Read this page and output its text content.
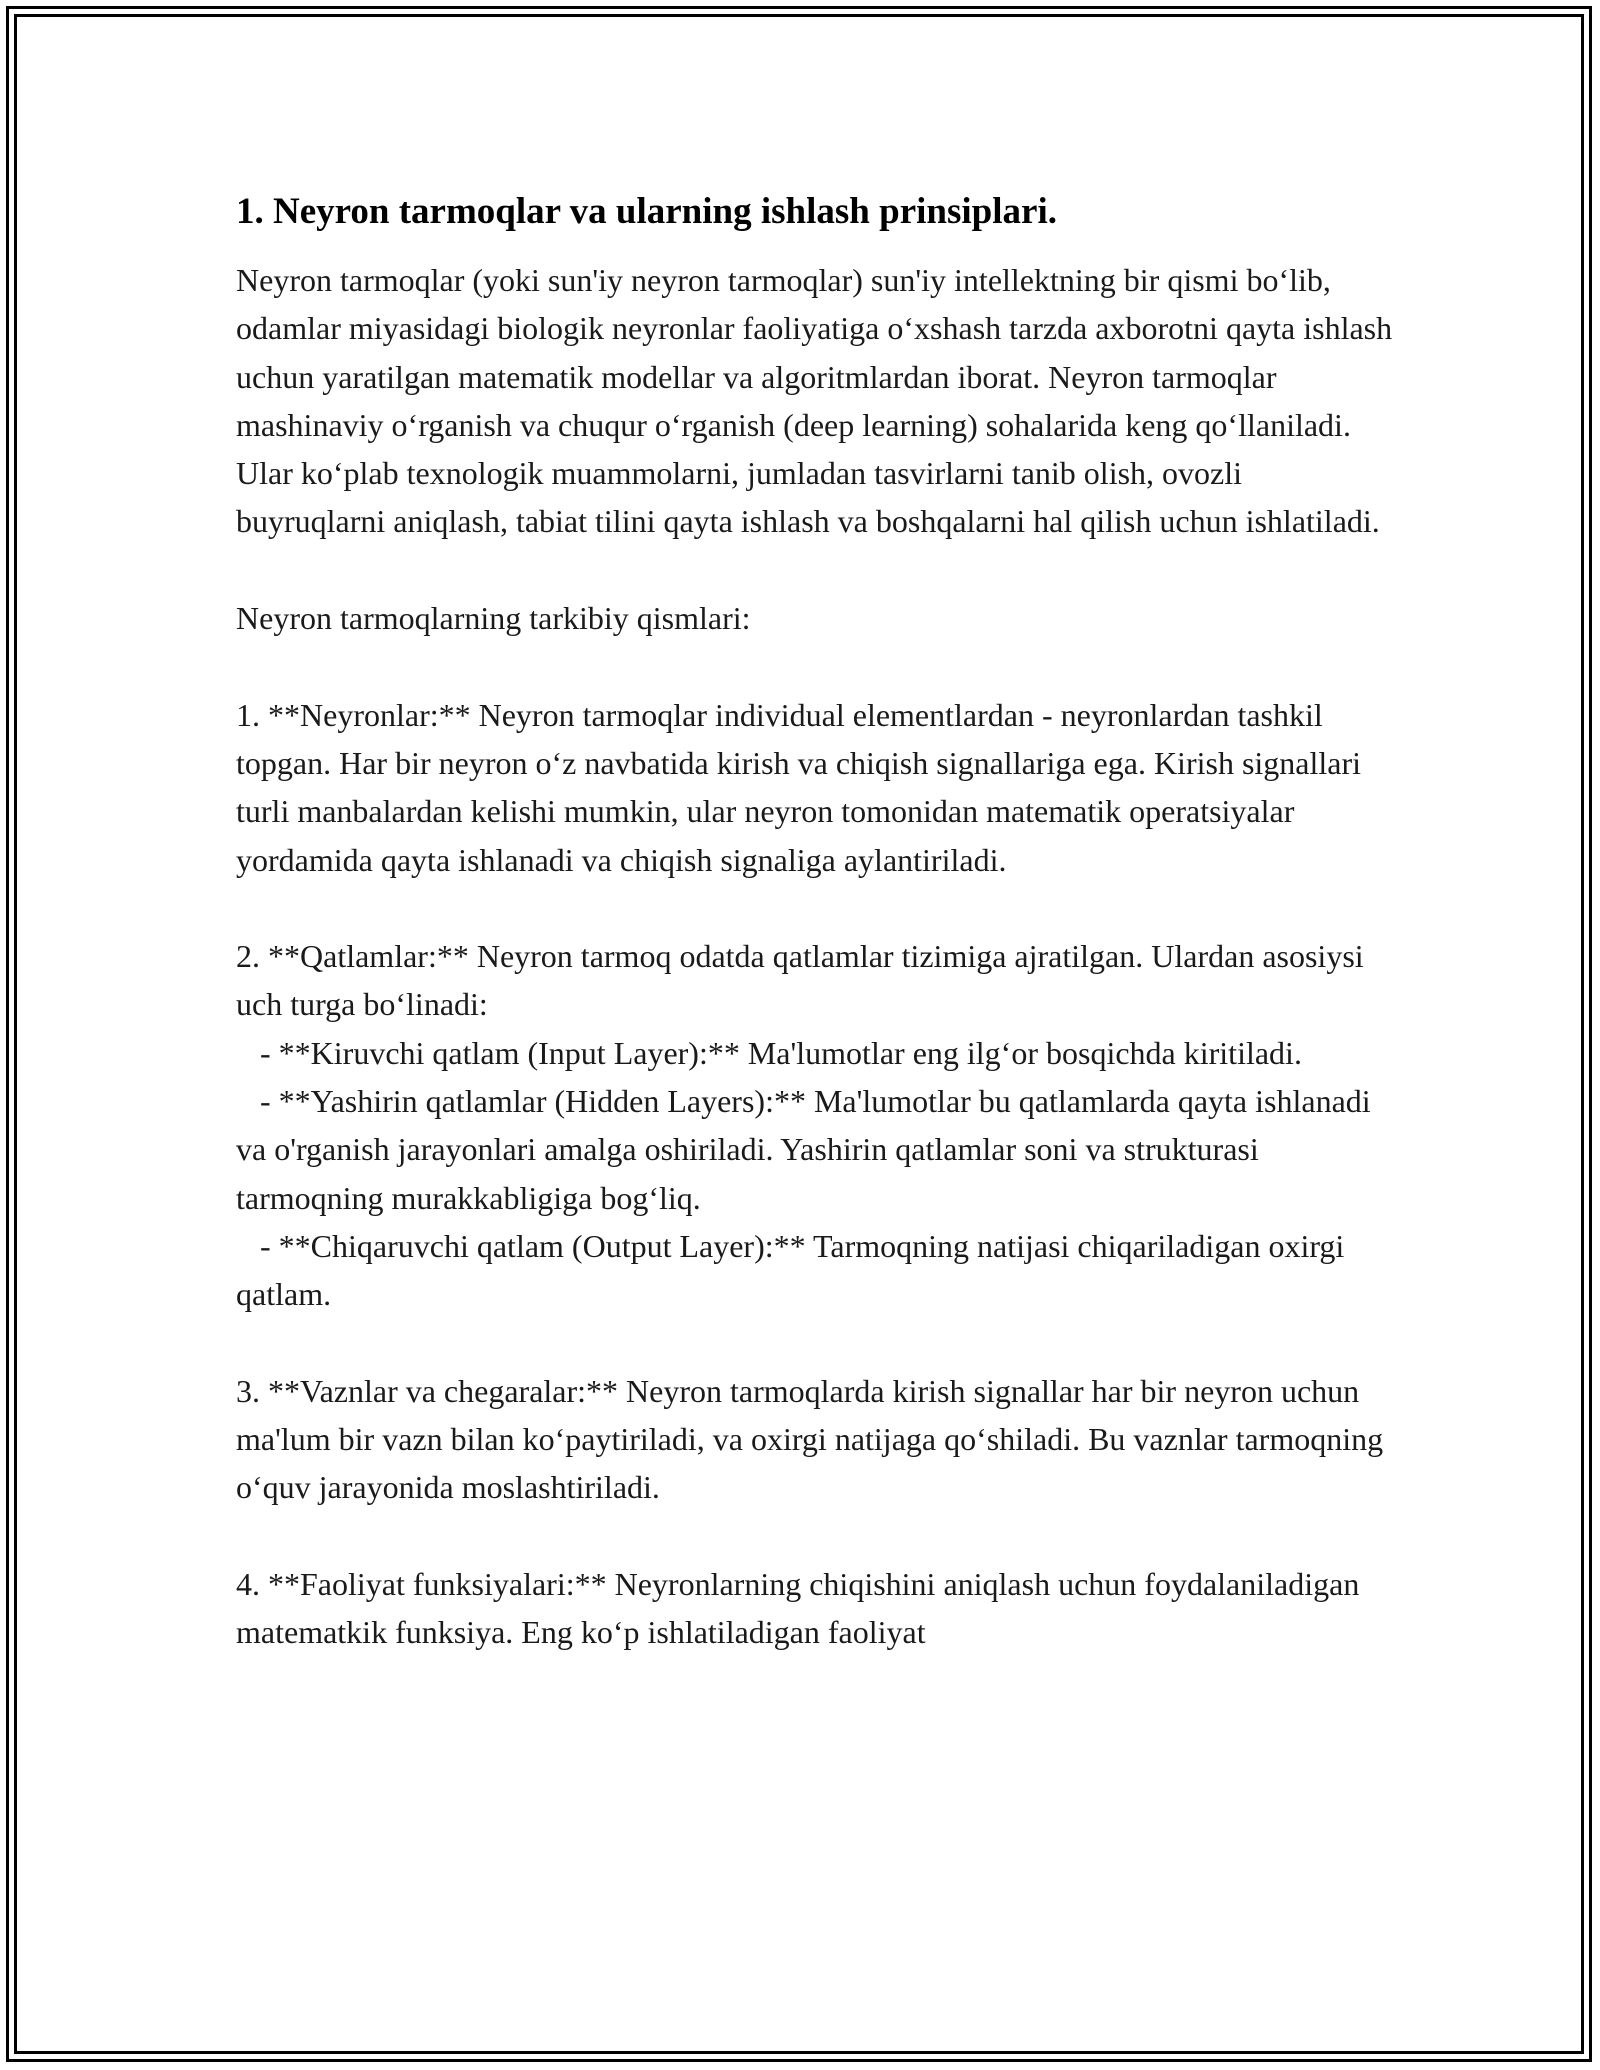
1. Neyron tarmoqlar va ularning ishlash prinsiplari.

Neyron tarmoqlar (yoki sun'iy neyron tarmoqlar) sun'iy intellektning bir qismi bo‘lib, odamlar miyasidagi biologik neyronlar faoliyatiga o‘xshash tarzda axborotni qayta ishlash uchun yaratilgan matematik modellar va algoritmlardan iborat. Neyron tarmoqlar mashinaviy o‘rganish va chuqur o‘rganish (deep learning) sohalarida keng qo‘llaniladi. Ular ko‘plab texnologik muammolarni, jumladan tasvirlarni tanib olish, ovozli buyruqlarni aniqlash, tabiat tilini qayta ishlash va boshqalarni hal qilish uchun ishlatiladi.

Neyron tarmoqlarning tarkibiy qismlari:

1. **Neyronlar:** Neyron tarmoqlar individual elementlardan - neyronlardan tashkil topgan. Har bir neyron o‘z navbatida kirish va chiqish signallariga ega. Kirish signallari turli manbalardan kelishi mumkin, ular neyron tomonidan matematik operatsiyalar yordamida qayta ishlanadi va chiqish signaliga aylantiriladi.

2. **Qatlamlar:** Neyron tarmoq odatda qatlamlar tizimiga ajratilgan. Ulardan asosiysi uch turga bo‘linadi:
- **Kiruvchi qatlam (Input Layer):** Ma'lumotlar eng ilg‘or bosqichda kiritiladi.
- **Yashirin qatlamlar (Hidden Layers):** Ma'lumotlar bu qatlamlarda qayta ishlanadi va o'rganish jarayonlari amalga oshiriladi. Yashirin qatlamlar soni va strukturasi tarmoqning murakkabligiga bog‘liq.
- **Chiqaruvchi qatlam (Output Layer):** Tarmoqning natijasi chiqariladigan oxirgi qatlam.

3. **Vaznlar va chegaralar:** Neyron tarmoqlarda kirish signallar har bir neyron uchun ma'lum bir vazn bilan ko‘paytiriladi, va oxirgi natijaga qo‘shiladi. Bu vaznlar tarmoqning o‘quv jarayonida moslashtiriladi.

4. **Faoliyat funksiyalari:** Neyronlarning chiqishini aniqlash uchun foydalaniladigan matematkik funksiya. Eng ko‘p ishlatiladigan faoliyat
